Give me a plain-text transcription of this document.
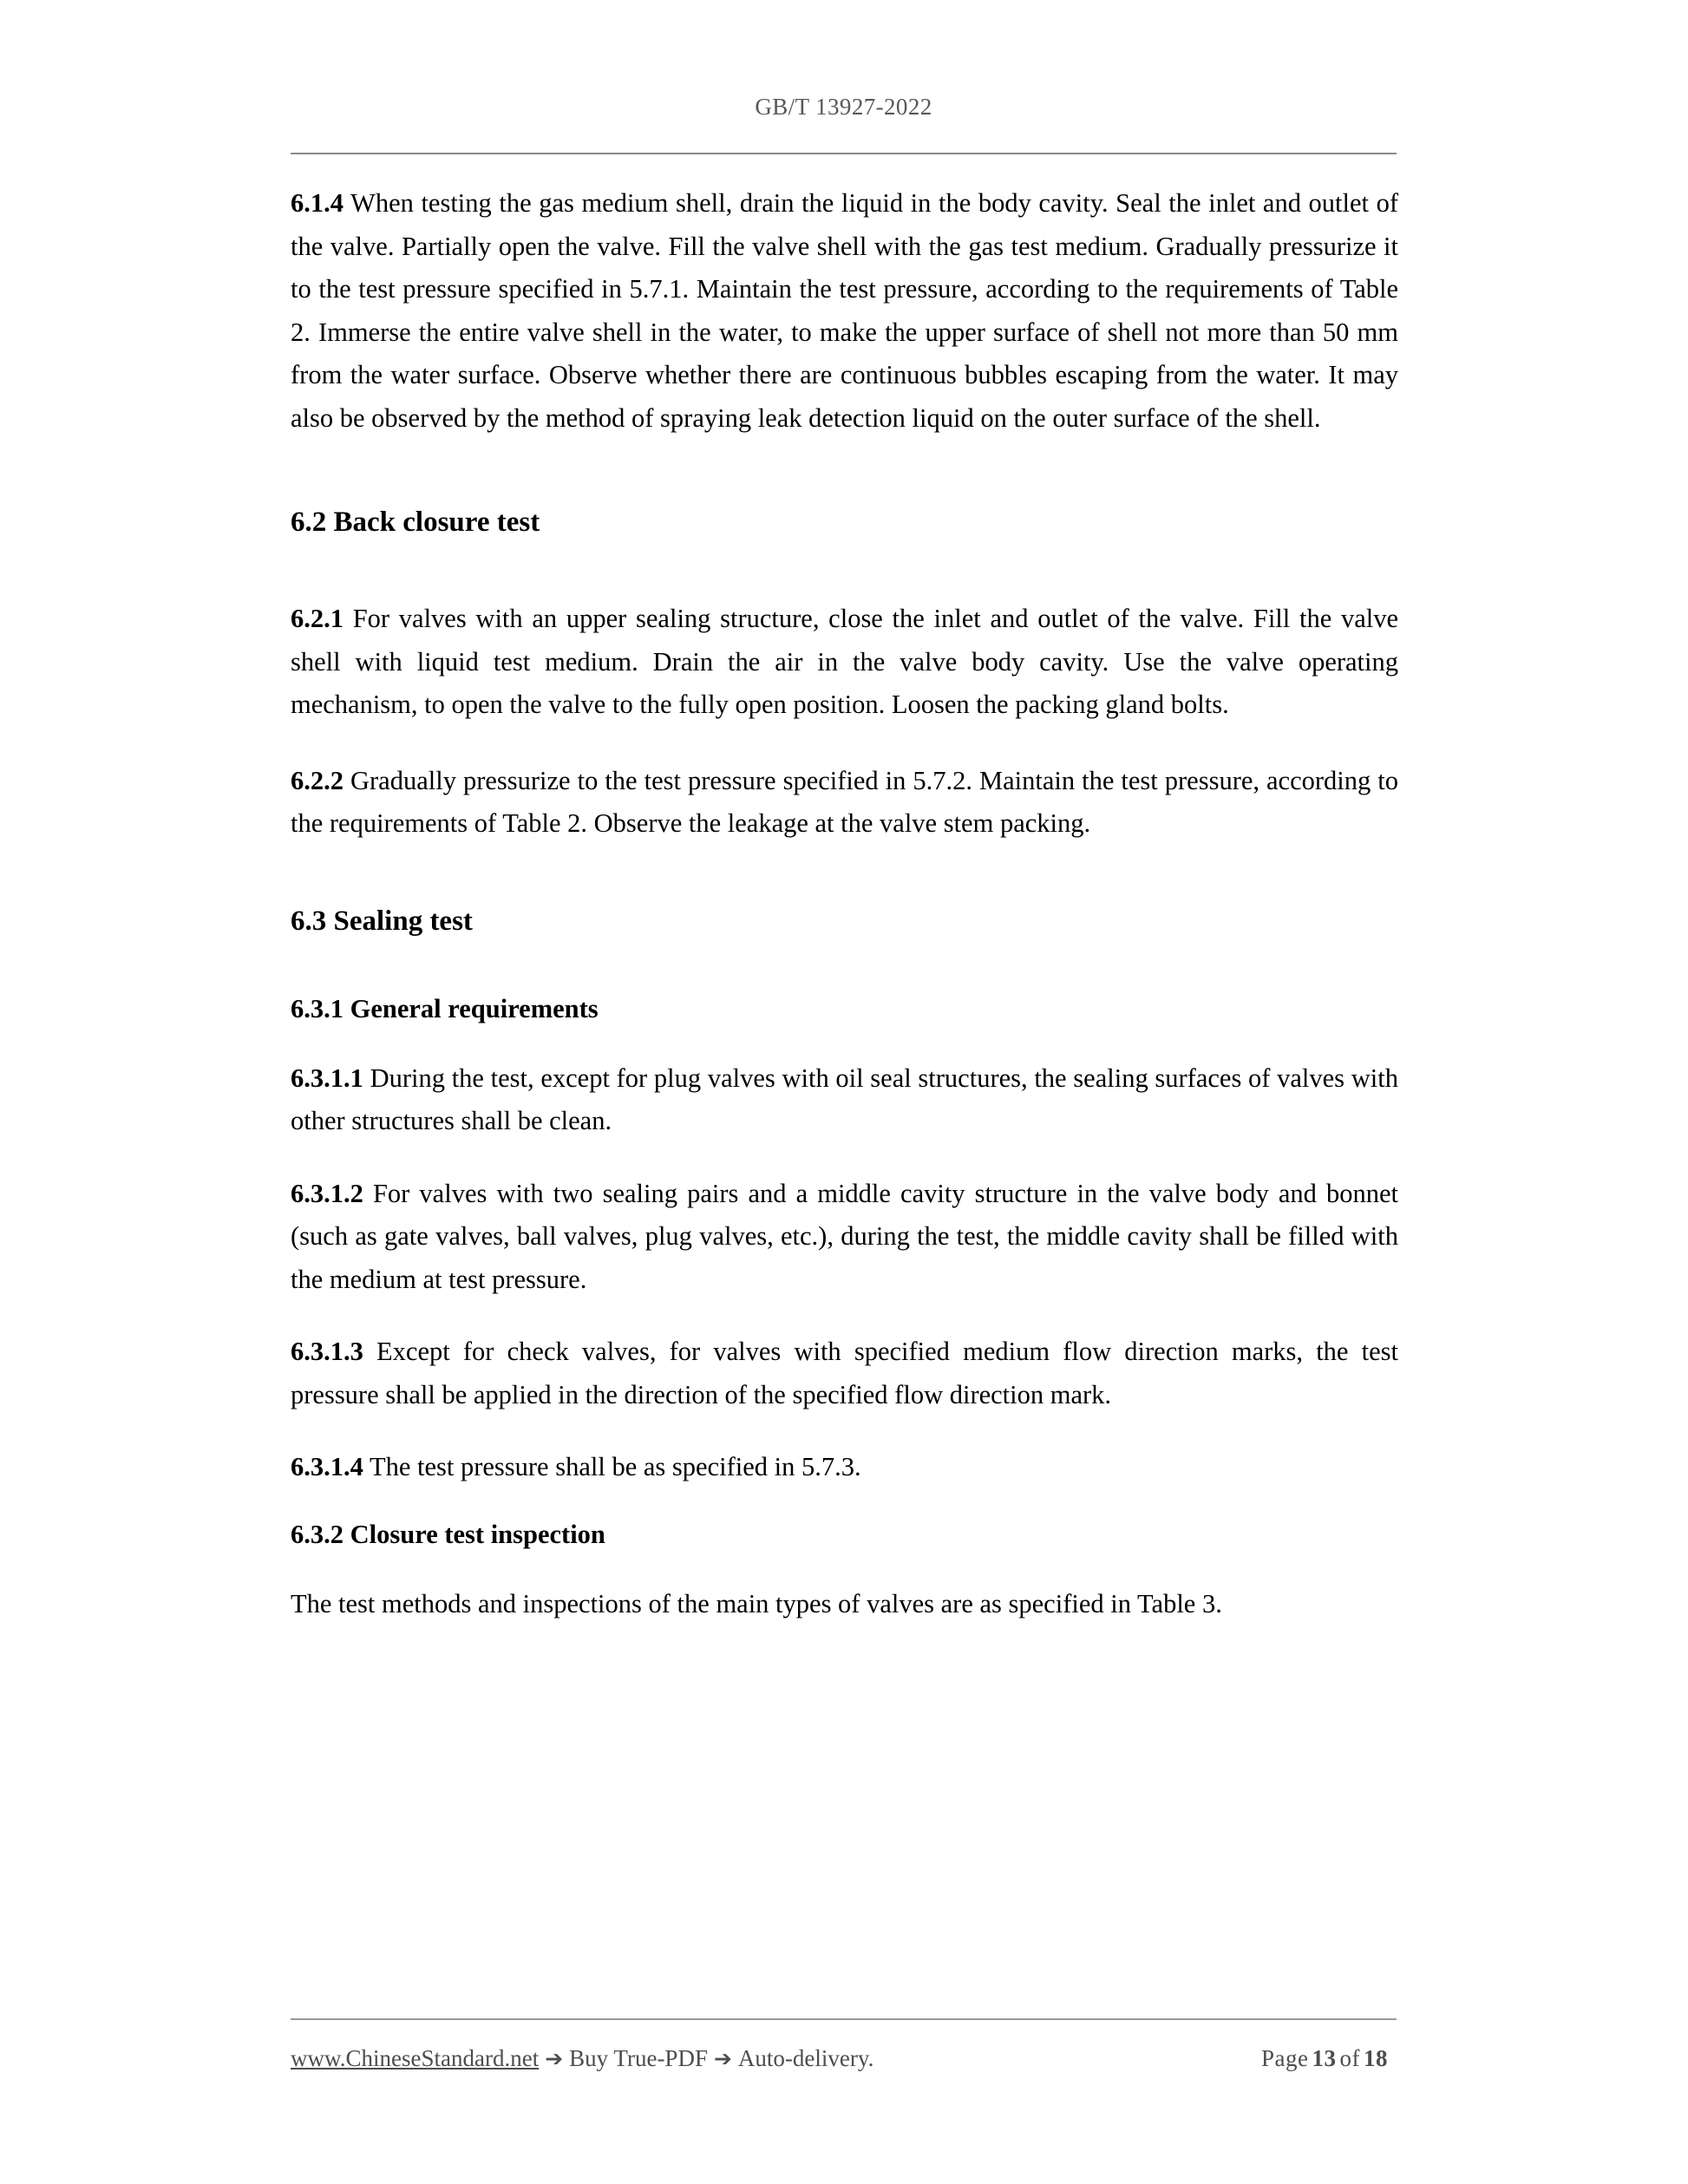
GB/T 13927-2022

6.1.4 When testing the gas medium shell, drain the liquid in the body cavity. Seal the inlet and outlet of the valve. Partially open the valve. Fill the valve shell with the gas test medium. Gradually pressurize it to the test pressure specified in 5.7.1. Maintain the test pressure, according to the requirements of Table 2. Immerse the entire valve shell in the water, to make the upper surface of shell not more than 50 mm from the water surface. Observe whether there are continuous bubbles escaping from the water. It may also be observed by the method of spraying leak detection liquid on the outer surface of the shell.

6.2 Back closure test

6.2.1 For valves with an upper sealing structure, close the inlet and outlet of the valve. Fill the valve shell with liquid test medium. Drain the air in the valve body cavity. Use the valve operating mechanism, to open the valve to the fully open position. Loosen the packing gland bolts.

6.2.2 Gradually pressurize to the test pressure specified in 5.7.2. Maintain the test pressure, according to the requirements of Table 2. Observe the leakage at the valve stem packing.

6.3 Sealing test
6.3.1 General requirements

6.3.1.1 During the test, except for plug valves with oil seal structures, the sealing surfaces of valves with other structures shall be clean.

6.3.1.2 For valves with two sealing pairs and a middle cavity structure in the valve body and bonnet (such as gate valves, ball valves, plug valves, etc.), during the test, the middle cavity shall be filled with the medium at test pressure.

6.3.1.3 Except for check valves, for valves with specified medium flow direction marks, the test pressure shall be applied in the direction of the specified flow direction mark.

6.3.1.4 The test pressure shall be as specified in 5.7.3.

6.3.2 Closure test inspection

The test methods and inspections of the main types of valves are as specified in Table 3.

www.ChineseStandard.net ➔ Buy True-PDF ➔ Auto-delivery.	Page 13 of 18
